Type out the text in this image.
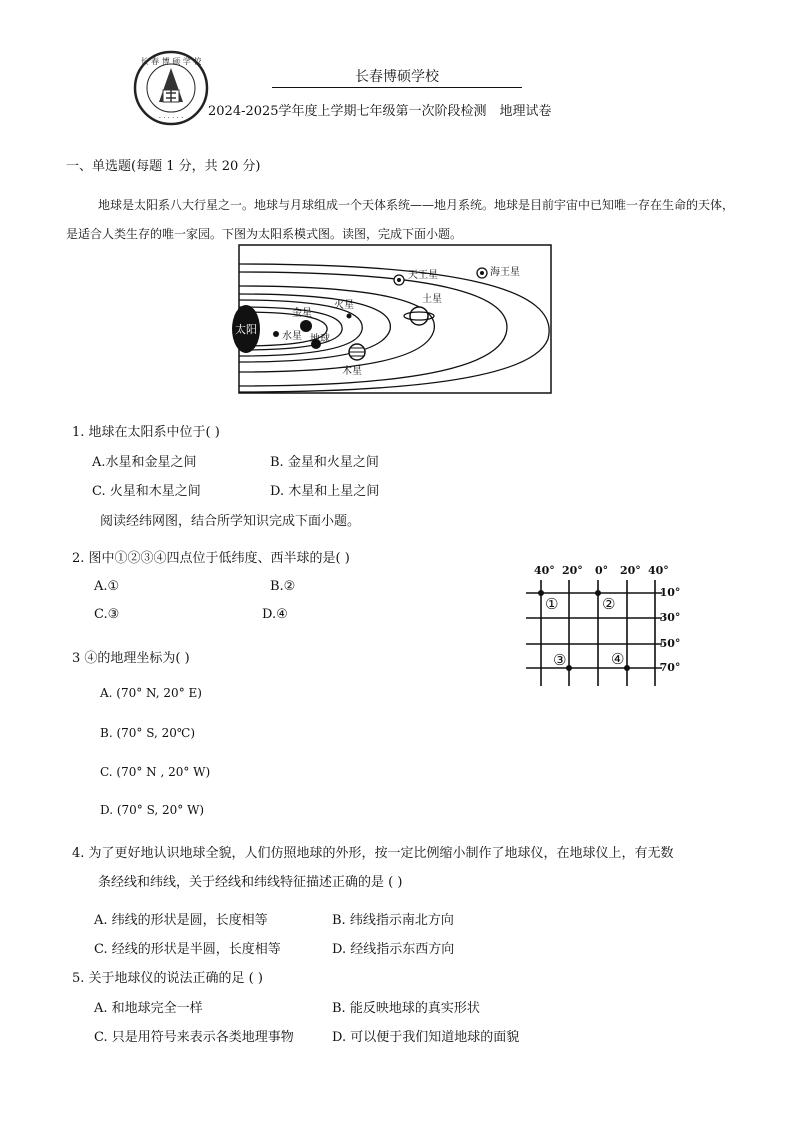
长 春 博 硕 学 校
· · · · · ·
长春博硕学校
2024-2025学年度上学期七年级第一次阶段检测　地理试卷
一、单选题(每题 1 分，共 20 分)
地球是太阳系八大行星之一。地球与月球组成一个天体系统——地月系统。地球是目前宇宙中已知唯一存在生命的天体，
是适合人类生存的唯一家园。下图为太阳系模式图。读图，完成下面小题。
太阳
水星
金星
地球
火星
木星
土星
天王星	海王星
1. 地球在太阳系中位于( )
A.水星和金星之间	B. 金星和火星之间
C. 火星和木星之间	D. 木星和上星之间
阅读经纬网图，结合所学知识完成下面小题。
2. 图中①②③④四点位于低纬度、西半球的是( )
A.①	B.②
C.③	D.④
40° 20° 0° 20° 40°
10°
30°
50°
70°
①	②
③	④
3 ④的地理坐标为( )
A. (70° N, 20° E)
B. (70° S, 20℃)
C. (70° N , 20° W)
D. (70° S, 20° W)
4. 为了更好地认识地球全貌，人们仿照地球的外形，按一定比例缩小制作了地球仪，在地球仪上，有无数
条经线和纬线，关于经线和纬线特征描述正确的是 ( )
A. 纬线的形状是圆，长度相等	B. 纬线指示南北方向
C. 经线的形状是半圆，长度相等	D. 经线指示东西方向
5. 关于地球仪的说法正确的足 ( )
A. 和地球完全一样	B. 能反映地球的真实形状
C. 只是用符号来表示各类地理事物	D. 可以便于我们知道地球的面貌
